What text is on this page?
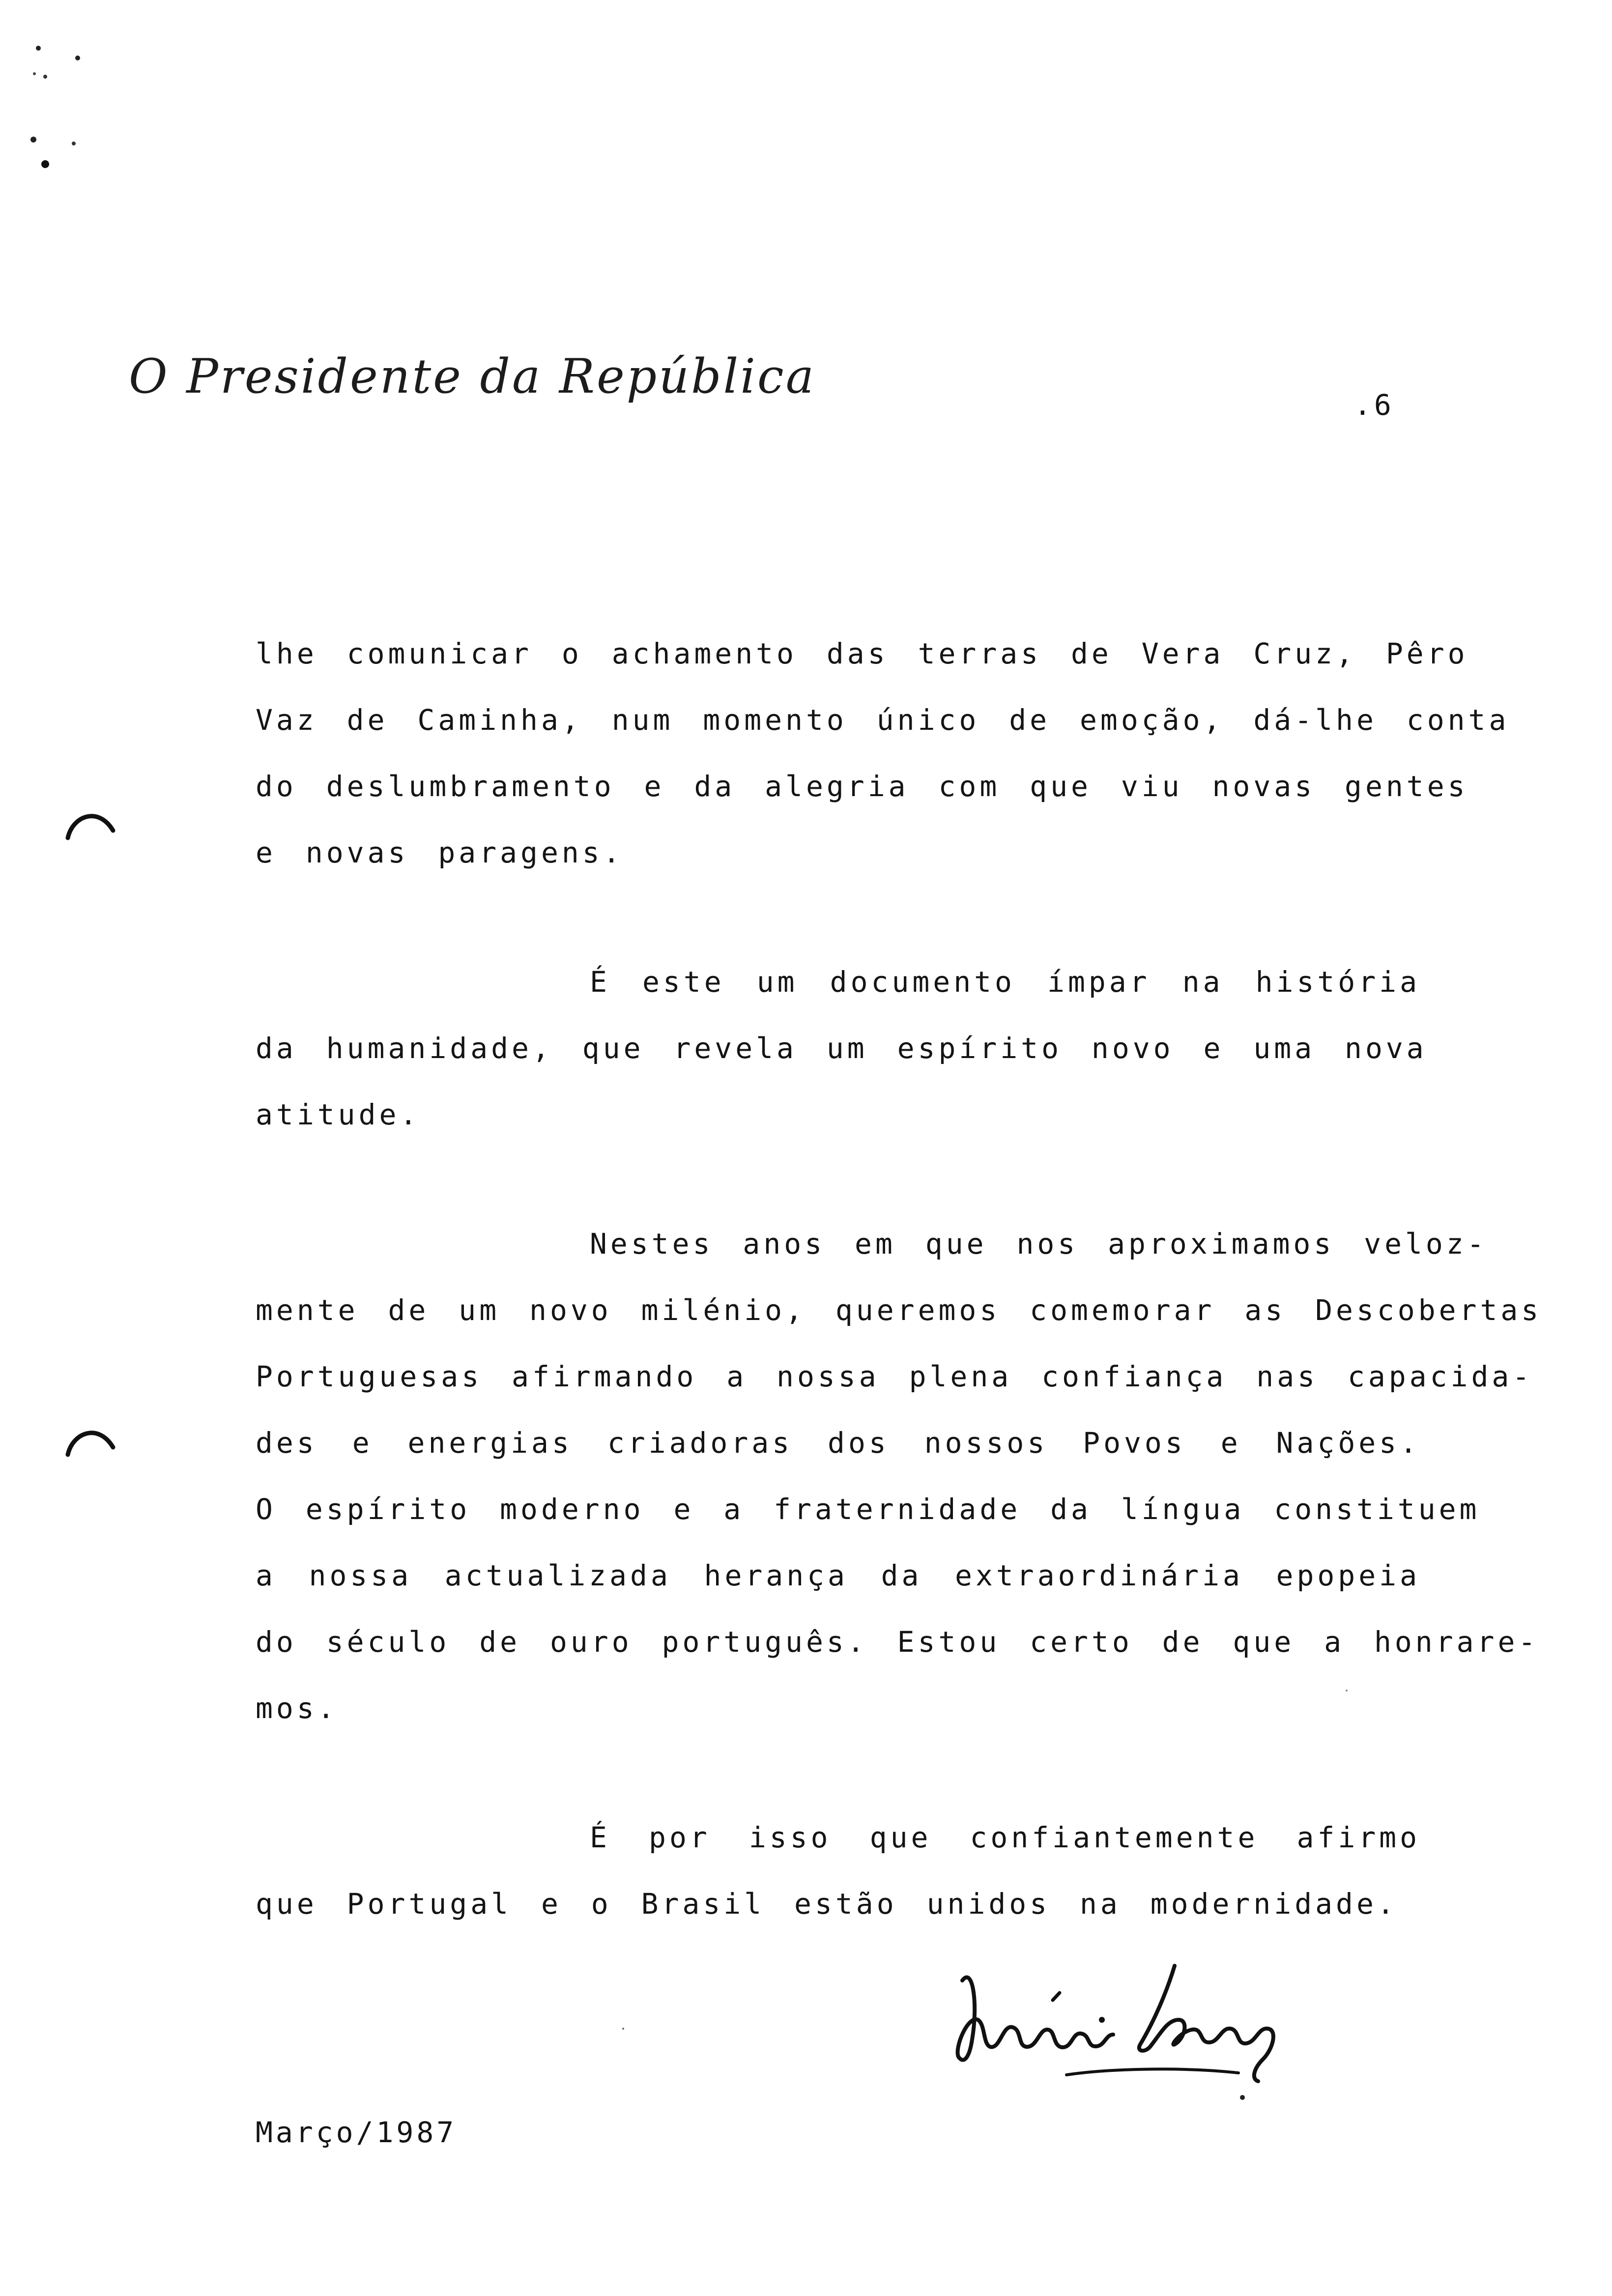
O Presidente da República
.6
lhe comunicar o achamento das terras de Vera Cruz, Pêro
Vaz de Caminha, num momento único de emoção, dá-lhe conta
do deslumbramento e da alegria com que viu novas gentes
e novas paragens.
É este um documento ímpar na história
da humanidade, que revela um espírito novo e uma nova
atitude.
Nestes anos em que nos aproximamos veloz-
mente de um novo milénio, queremos comemorar as Descobertas
Portuguesas afirmando a nossa plena confiança nas capacida-
des e energias criadoras dos nossos Povos e Nações.
O espírito moderno e a fraternidade da língua constituem
a nossa actualizada herança da extraordinária epopeia
do século de ouro português. Estou certo de que a honrare-
mos.
É por isso que confiantemente afirmo
que Portugal e o Brasil estão unidos na modernidade.
Março/1987
